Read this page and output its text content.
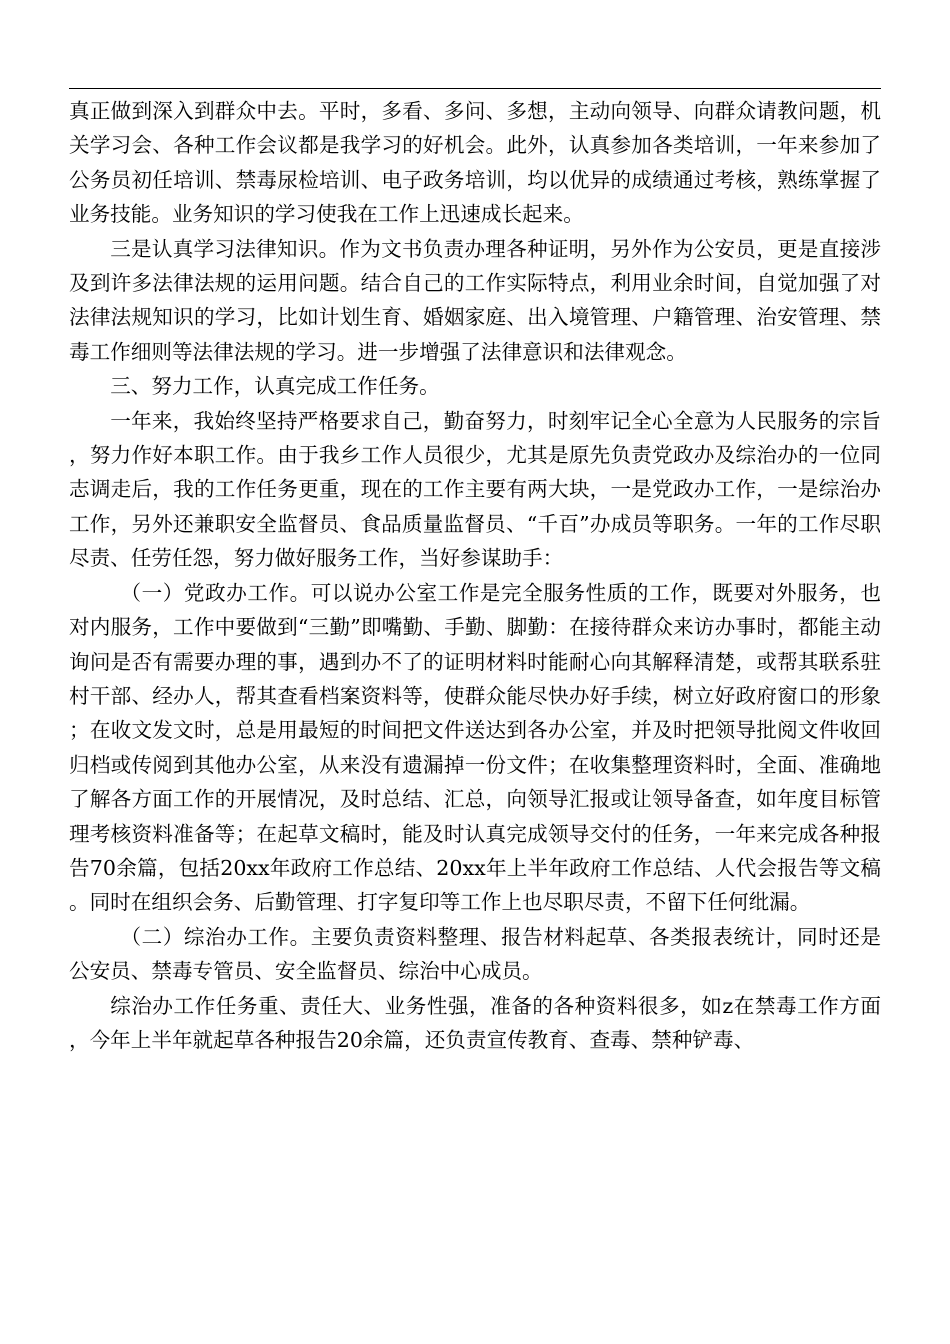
真正做到深入到群众中去。平时，多看、多问、多想，主动向领导、向群众请教问题，机关学习会、各种工作会议都是我学习的好机会。此外，认真参加各类培训，一年来参加了公务员初任培训、禁毒尿检培训、电子政务培训，均以优异的成绩通过考核，熟练掌握了业务技能。业务知识的学习使我在工作上迅速成长起来。

三是认真学习法律知识。作为文书负责办理各种证明，另外作为公安员，更是直接涉及到许多法律法规的运用问题。结合自己的工作实际特点，利用业余时间，自觉加强了对法律法规知识的学习，比如计划生育、婚姻家庭、出入境管理、户籍管理、治安管理、禁毒工作细则等法律法规的学习。进一步增强了法律意识和法律观念。

三、努力工作，认真完成工作任务。

一年来，我始终坚持严格要求自己，勤奋努力，时刻牢记全心全意为人民服务的宗旨，努力作好本职工作。由于我乡工作人员很少，尤其是原先负责党政办及综治办的一位同志调走后，我的工作任务更重，现在的工作主要有两大块，一是党政办工作，一是综治办工作，另外还兼职安全监督员、食品质量监督员、“千百”办成员等职务。一年的工作尽职尽责、任劳任怨，努力做好服务工作，当好参谋助手：

（一）党政办工作。可以说办公室工作是完全服务性质的工作，既要对外服务，也对内服务，工作中要做到“三勤”即嘴勤、手勤、脚勤：在接待群众来访办事时，都能主动询问是否有需要办理的事，遇到办不了的证明材料时能耐心向其解释清楚，或帮其联系驻村干部、经办人，帮其查看档案资料等，使群众能尽快办好手续，树立好政府窗口的形象；在收文发文时，总是用最短的时间把文件送达到各办公室，并及时把领导批阅文件收回归档或传阅到其他办公室，从来没有遗漏掉一份文件；在收集整理资料时，全面、准确地了解各方面工作的开展情况，及时总结、汇总，向领导汇报或让领导备查，如年度目标管理考核资料准备等；在起草文稿时，能及时认真完成领导交付的任务，一年来完成各种报告70余篇，包括20xx年政府工作总结、20xx年上半年政府工作总结、人代会报告等文稿。同时在组织会务、后勤管理、打字复印等工作上也尽职尽责，不留下任何纰漏。

（二）综治办工作。主要负责资料整理、报告材料起草、各类报表统计，同时还是公安员、禁毒专管员、安全监督员、综治中心成员。

综治办工作任务重、责任大、业务性强，准备的各种资料很多，如z在禁毒工作方面，今年上半年就起草各种报告20余篇，还负责宣传教育、查毒、禁种铲毒、
